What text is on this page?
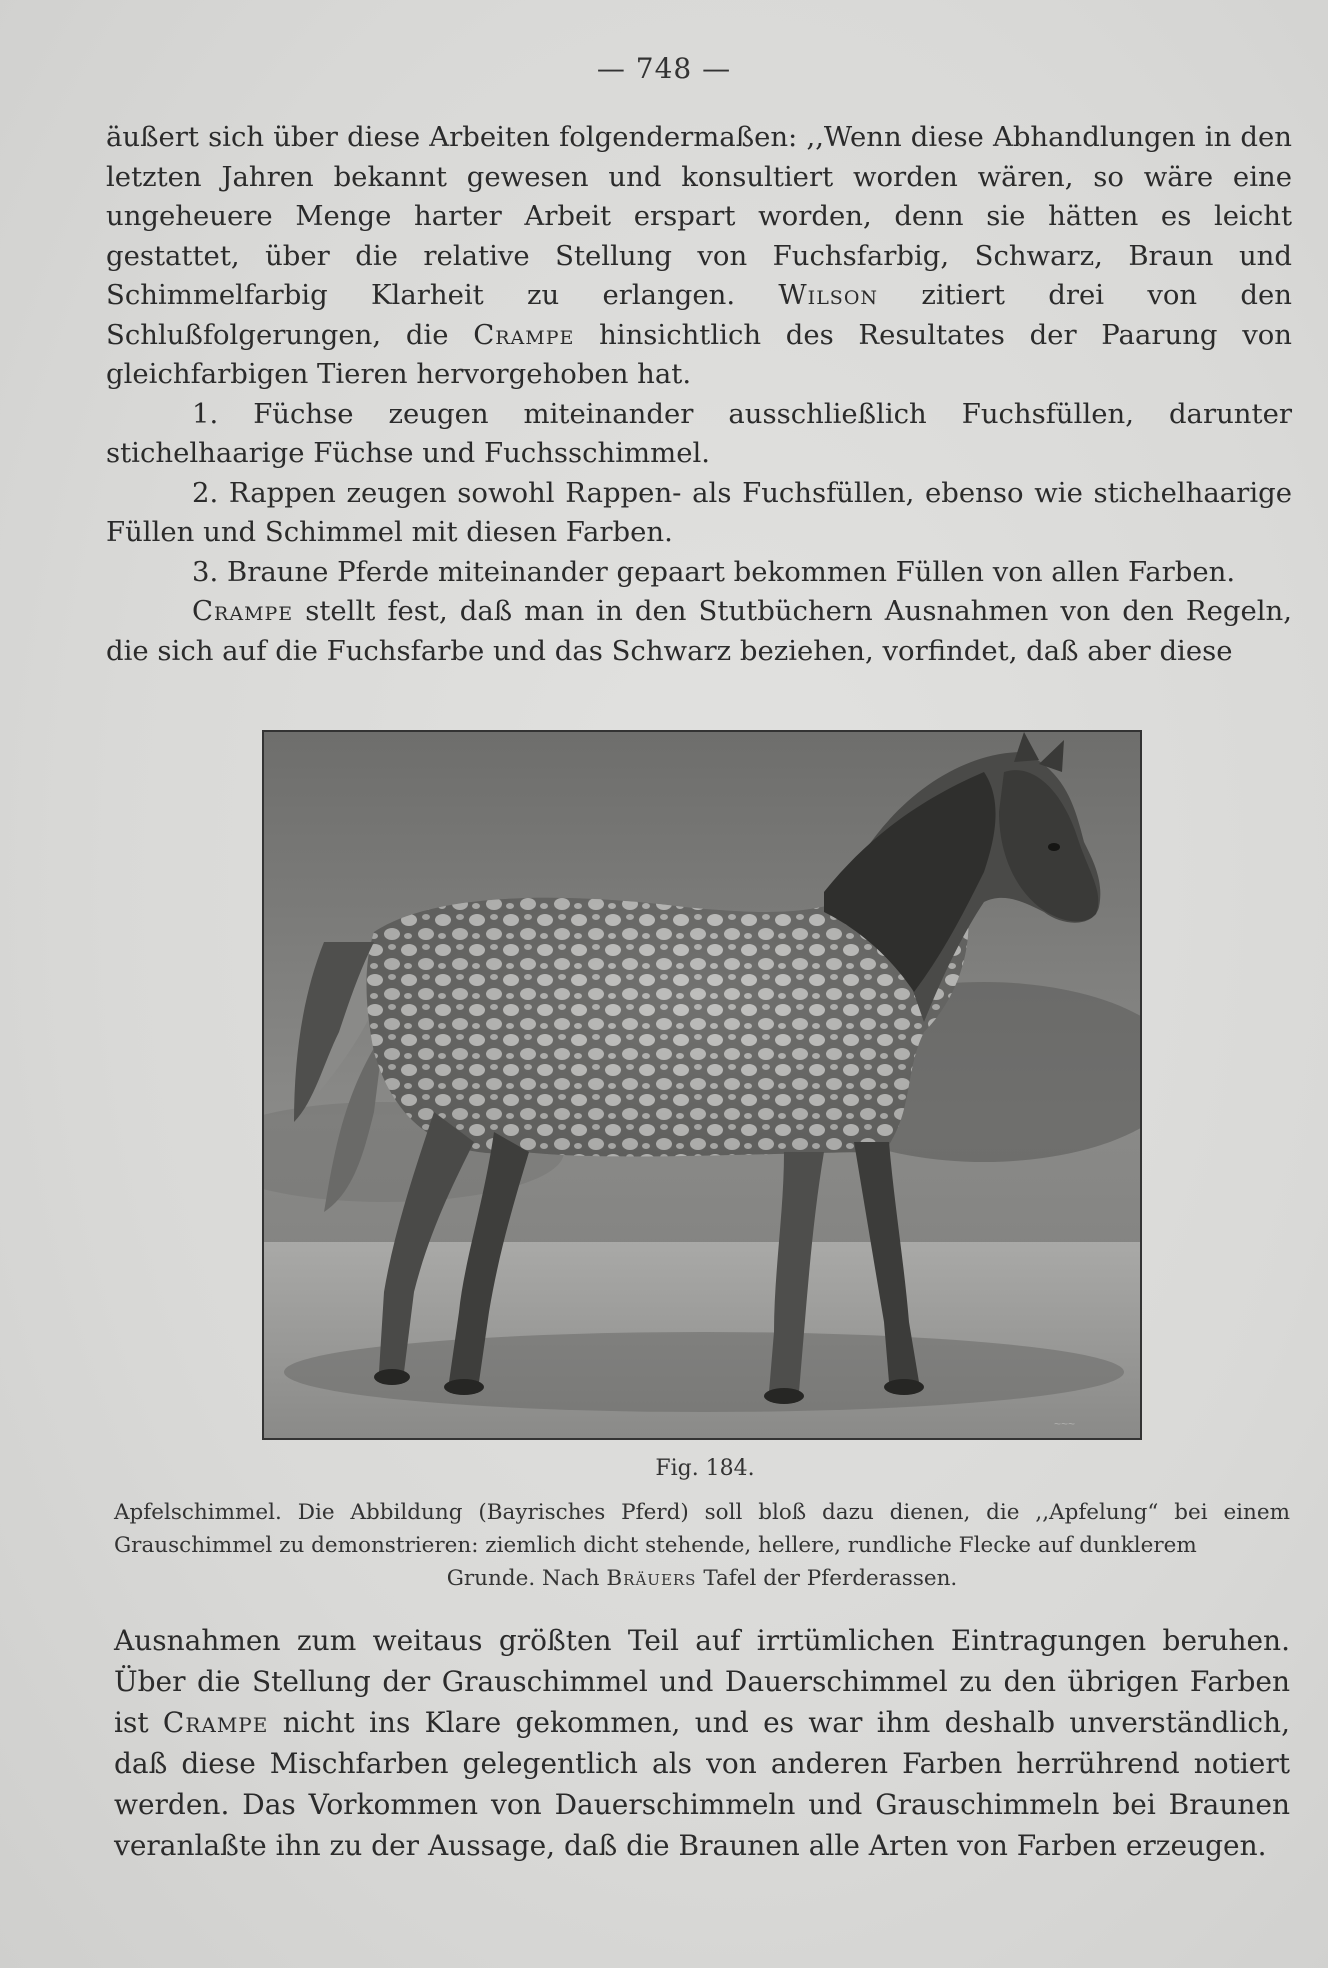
— 748 —

äußert sich über diese Arbeiten folgendermaßen: ,,Wenn diese Abhandlungen in den letzten Jahren bekannt gewesen und konsultiert worden wären, so wäre eine ungeheuere Menge harter Arbeit erspart worden, denn sie hätten es leicht gestattet, über die relative Stellung von Fuchsfarbig, Schwarz, Braun und Schimmelfarbig Klarheit zu erlangen. Wilson zitiert drei von den Schlußfolgerungen, die Crampe hinsichtlich des Resultates der Paarung von gleichfarbigen Tieren hervorgehoben hat.

1. Füchse zeugen miteinander ausschließlich Fuchsfüllen, darunter stichelhaarige Füchse und Fuchsschimmel.

2. Rappen zeugen sowohl Rappen- als Fuchsfüllen, ebenso wie stichelhaarige Füllen und Schimmel mit diesen Farben.

3. Braune Pferde miteinander gepaart bekommen Füllen von allen Farben.

Crampe stellt fest, daß man in den Stutbüchern Ausnahmen von den Regeln, die sich auf die Fuchsfarbe und das Schwarz beziehen, vorfindet, daß aber diese

~~~
Fig. 184.
Apfelschimmel. Die Abbildung (Bayrisches Pferd) soll bloß dazu dienen, die ,,Apfelung“ bei einem Grauschimmel zu demonstrieren: ziemlich dicht stehende, hellere, rundliche Flecke auf dunklerem
Grunde. Nach Bräuers Tafel der Pferderassen.

Ausnahmen zum weitaus größten Teil auf irrtümlichen Eintragungen beruhen. Über die Stellung der Grauschimmel und Dauerschimmel zu den übrigen Farben ist Crampe nicht ins Klare gekommen, und es war ihm deshalb unverständlich, daß diese Mischfarben gelegentlich als von anderen Farben herrührend notiert werden. Das Vorkommen von Dauerschimmeln und Grauschimmeln bei Braunen veranlaßte ihn zu der Aussage, daß die Braunen alle Arten von Farben erzeugen.
